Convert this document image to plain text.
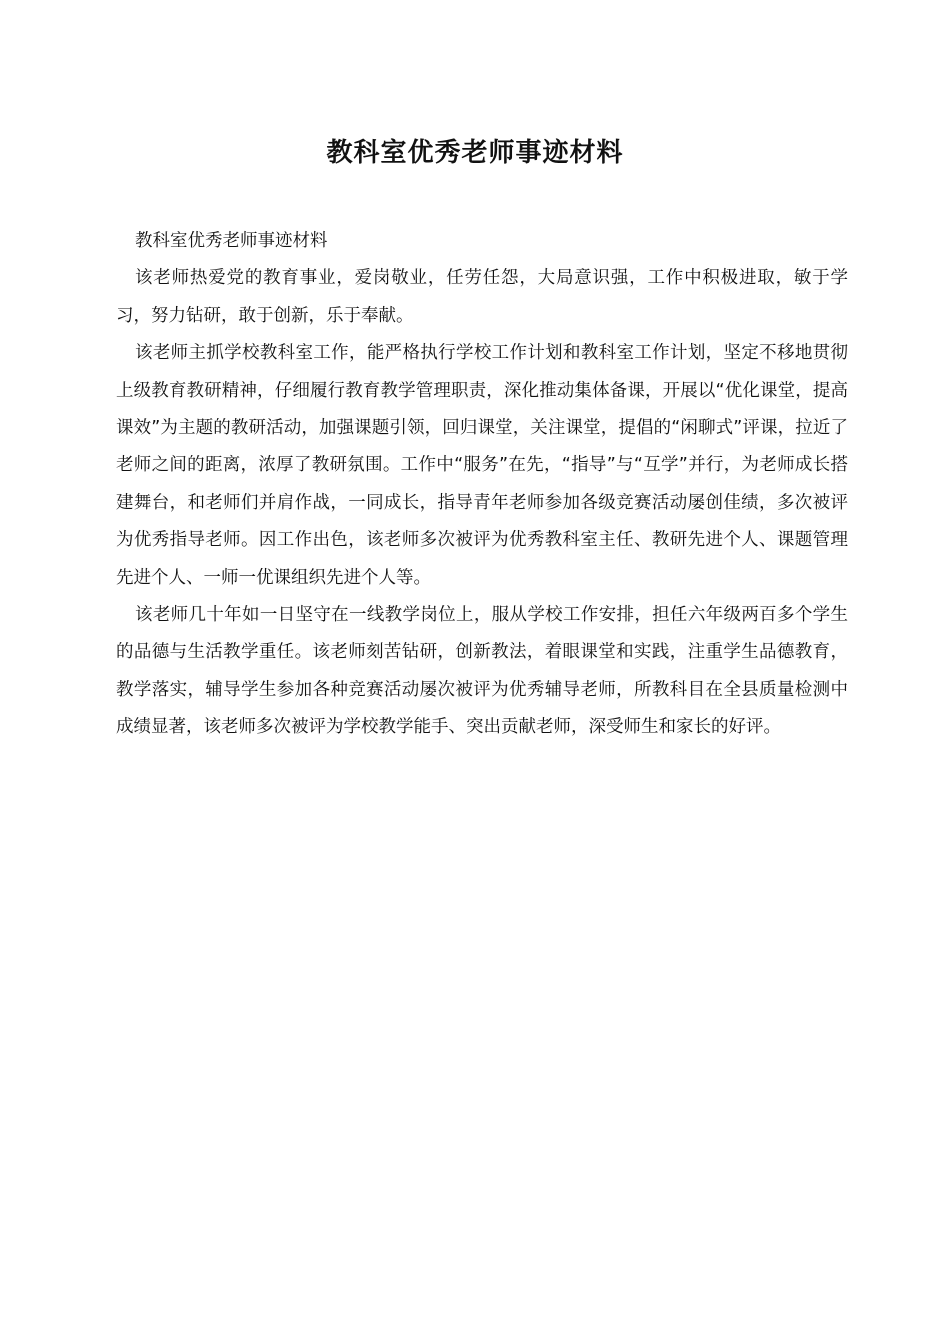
教科室优秀老师事迹材料

教科室优秀老师事迹材料

该老师热爱党的教育事业，爱岗敬业，任劳任怨，大局意识强，工作中积极进取，敏于学习，努力钻研，敢于创新，乐于奉献。

该老师主抓学校教科室工作，能严格执行学校工作计划和教科室工作计划，坚定不移地贯彻上级教育教研精神，仔细履行教育教学管理职责，深化推动集体备课，开展以“优化课堂，提高课效”为主题的教研活动，加强课题引领，回归课堂，关注课堂，提倡的“闲聊式”评课，拉近了老师之间的距离，浓厚了教研氛围。工作中“服务”在先，“指导”与“互学”并行，为老师成长搭建舞台，和老师们并肩作战，一同成长，指导青年老师参加各级竞赛活动屡创佳绩，多次被评为优秀指导老师。因工作出色，该老师多次被评为优秀教科室主任、教研先进个人、课题管理先进个人、一师一优课组织先进个人等。

该老师几十年如一日坚守在一线教学岗位上，服从学校工作安排，担任六年级两百多个学生的品德与生活教学重任。该老师刻苦钻研，创新教法，着眼课堂和实践，注重学生品德教育，教学落实，辅导学生参加各种竞赛活动屡次被评为优秀辅导老师，所教科目在全县质量检测中成绩显著，该老师多次被评为学校教学能手、突出贡献老师，深受师生和家长的好评。
